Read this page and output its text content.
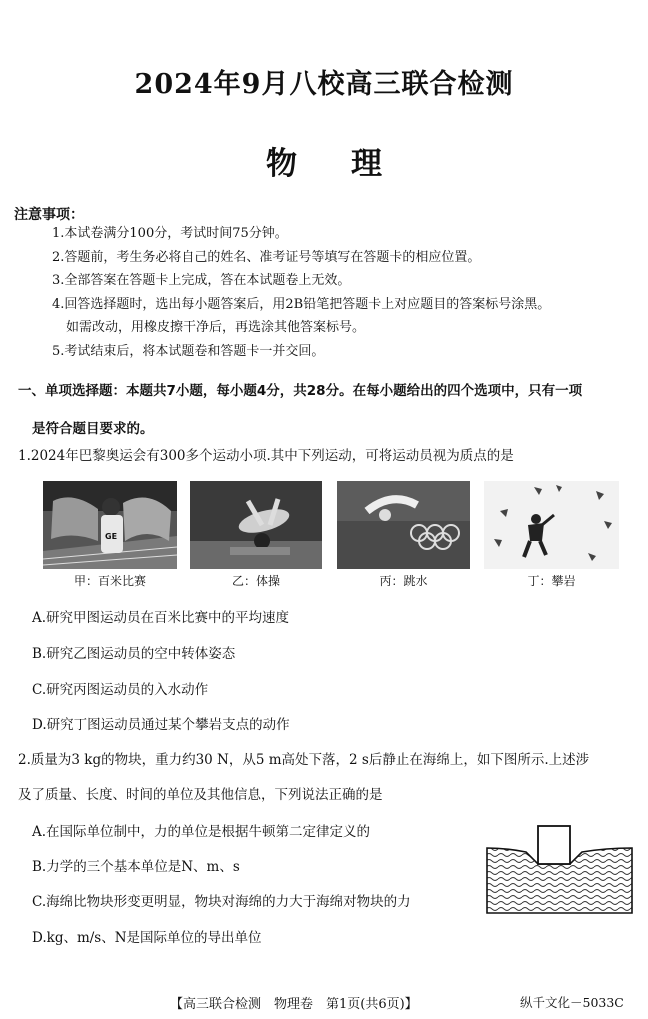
2024年9月八校高三联合检测
物理
注意事项：
1.本试卷满分100分，考试时间75分钟。
2.答题前，考生务必将自己的姓名、准考证号等填写在答题卡的相应位置。
3.全部答案在答题卡上完成，答在本试题卷上无效。
4.回答选择题时，选出每小题答案后，用2B铅笔把答题卡上对应题目的答案标号涂黑。
如需改动，用橡皮擦干净后，再选涂其他答案标号。
5.考试结束后，将本试题卷和答题卡一并交回。
一、单项选择题：本题共7小题，每小题4分，共28分。在每小题给出的四个选项中，只有一项
是符合题目要求的。
1.2024年巴黎奥运会有300多个运动小项.其中下列运动，可将运动员视为质点的是
GE
甲：百米比赛	乙：体操	丙：跳水	丁：攀岩
A.研究甲图运动员在百米比赛中的平均速度
B.研究乙图运动员的空中转体姿态
C.研究丙图运动员的入水动作
D.研究丁图运动员通过某个攀岩支点的动作
2.质量为3 kg的物块，重力约30 N，从5 m高处下落，2 s后静止在海绵上，如下图所示.上述涉
及了质量、长度、时间的单位及其他信息，下列说法正确的是
A.在国际单位制中，力的单位是根据牛顿第二定律定义的
B.力学的三个基本单位是N、m、s
C.海绵比物块形变更明显，物块对海绵的力大于海绵对物块的力
D.kg、m/s、N是国际单位的导出单位
【高三联合检测　物理卷　第1页(共6页)】	纵千文化－5033C
